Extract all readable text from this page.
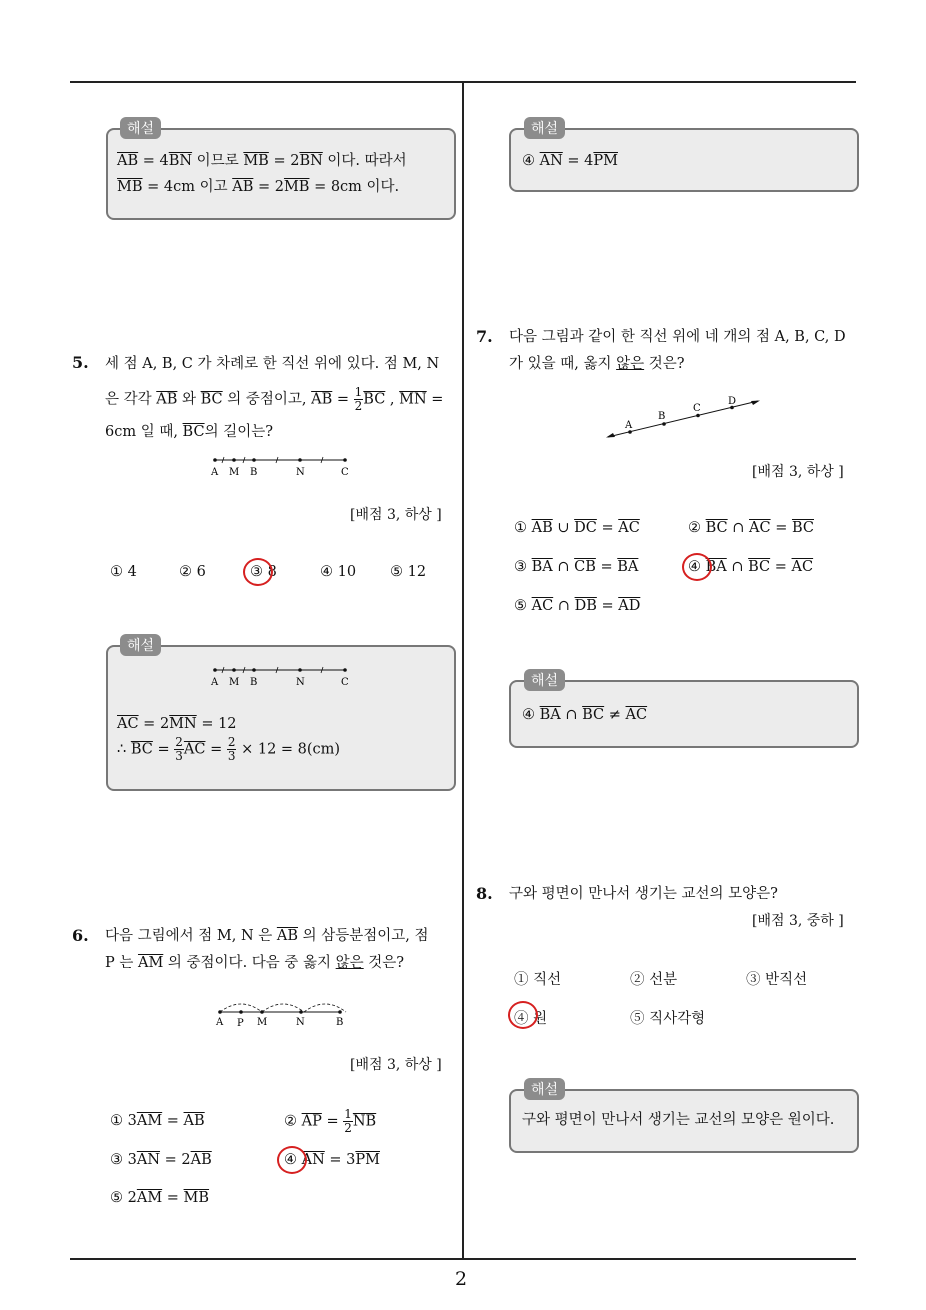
2
해설
$\overline{AB} = 4\overline{BN}$ 이므로 $\overline{MB} = 2\overline{BN}$ 이다. 따라서
$\overline{MB} = 4cm$ 이고 $\overline{AB} = 2\overline{MB} = 8cm$ 이다.
5. 세 점 A, B, C 가 차례로 한 직선 위에 있다. 점 M, N
은 각각 $\overline{AB}$ 와 $\overline{BC}$ 의 중점이고, $\overline{AB} = \frac{1}{2} \overline{BC}$ , $\overline{MN}$ =
6cm 일 때, $\overline{BC}$의 길이는?
A M B	N	C
[배점 3, 하상 ]
① 4	② 6	③ 8	④ 10 ⑤ 12
해설
A M B	N	C
$\overline{AC} = 2\overline{MN} = 12$
∴ $\overline{BC} = \frac{2}{3} \overline{AC} = \frac{2}{3} \times 12 = 8(cm)$
6. 다음 그림에서 점 M, N 은 $\overline{AB}$ 의 삼등분점이고, 점
P 는 $\overline{AM}$ 의 중점이다. 다음 중 옳지 않은 것은?
A P M	N	B
[배점 3, 하상 ]
① $3\overline{AM} = \overline{AB}$	② $\overline{AP} = \frac{1}{2} \overline{NB}$
③ $3\overline{AN} = 2\overline{AB}$	④ $\overline{AN} = 3\overline{PM}$
⑤ $2\overline{AM} = \overline{MB}$
해설
④ $\overline{AN} = 4\overline{PM}$
7. 다음 그림과 같이 한 직선 위에 네 개의 점 A, B, C, D
가 있을 때, 옳지 않은 것은?
A
B
C
D
[배점 3, 하상 ]
① $\overline{AB}$ ∪ $\overline{DC} = \overline{AC}$	② $\overline{BC}$ ∩ $\overline{AC} = \overline{BC}$
③ $\overline{BA}$ ∩ $\overline{CB} = \overline{BA}$	④ $\overline{BA}$ ∩ $\overline{BC} = \overline{AC}$
⑤ $\overline{AC}$ ∩ $\overline{DB} = \overline{AD}$
해설
④ $\overline{BA}$ ∩ $\overline{BC} \ne \overline{AC}$
8. 구와 평면이 만나서 생기는 교선의 모양은?
[배점 3, 중하 ]
① 직선	② 선분	③ 반직선
④ 원	⑤ 직사각형
해설
구와 평면이 만나서 생기는 교선의 모양은 원이다.
